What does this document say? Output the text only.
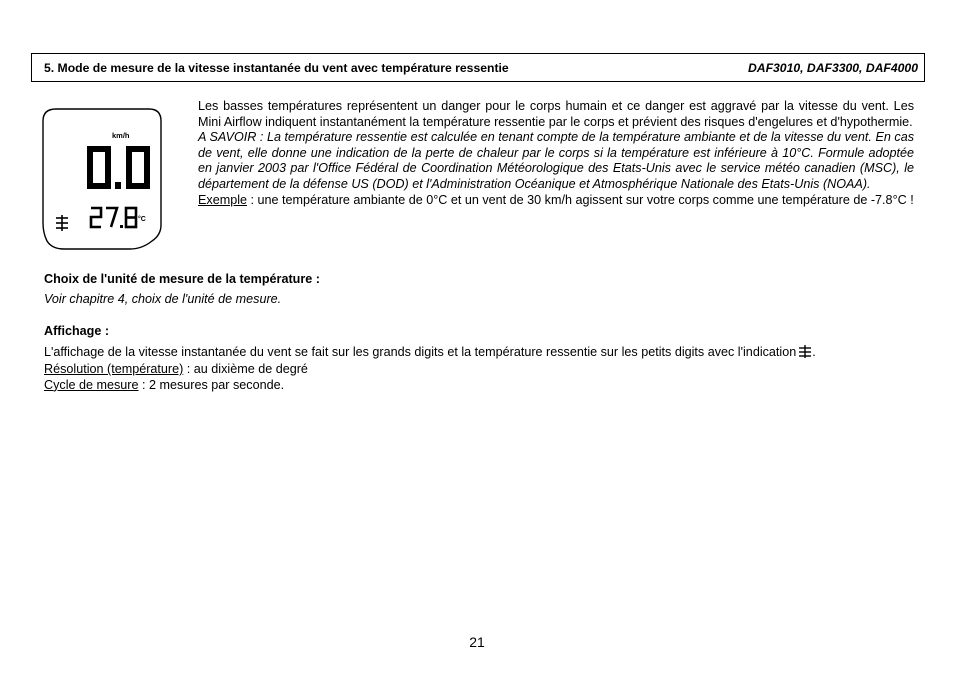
5. Mode de mesure de la vitesse instantanée du vent avec température ressentie	DAF3010, DAF3300, DAF4000
km/h
°C

Les basses températures représentent un danger pour le corps humain et ce danger est aggravé par la vitesse du vent. Les Mini Airflow indiquent instantanément la température ressentie par le corps et prévient des risques d'engelures et d'hypothermie.

A SAVOIR : La température ressentie est calculée en tenant compte de la température ambiante et de la vitesse du vent. En cas de vent, elle donne une indication de la perte de chaleur par le corps si la température est inférieure à 10°C. Formule adoptée en janvier 2003 par l'Office Fédéral de Coordination Météorologique des Etats-Unis avec le service météo canadien (MSC), le département de la défense US (DOD) et l'Administration Océanique et Atmosphérique Nationale des Etats-Unis (NOAA).

Exemple : une température ambiante de 0°C et un vent de 30 km/h agissent sur votre corps comme une température de -7.8°C !

Choix de l'unité de mesure de la température :

Voir chapitre 4, choix de l'unité de mesure.

Affichage :

L'affichage de la vitesse instantanée du vent se fait sur les grands digits et la température ressentie sur les petits digits avec l'indication .

Résolution (température) : au dixième de degré

Cycle de mesure : 2 mesures par seconde.

21
